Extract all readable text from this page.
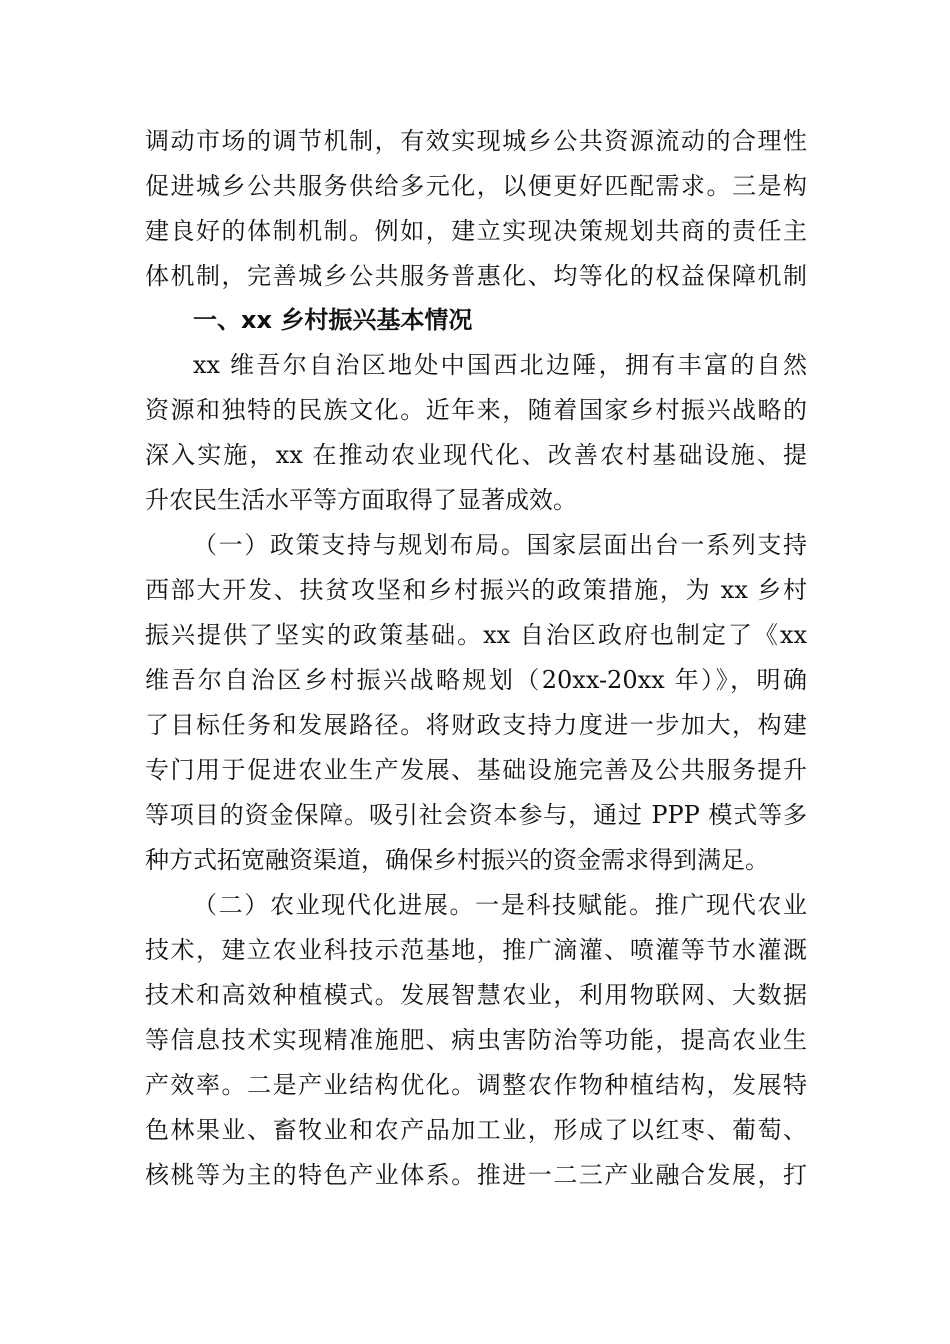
调动市场的调节机制，有效实现城乡公共资源流动的合理性
促进城乡公共服务供给多元化，以便更好匹配需求。三是构
建良好的体制机制。例如，建立实现决策规划共商的责任主
体机制，完善城乡公共服务普惠化、均等化的权益保障机制
一、xx 乡村振兴基本情况
xx 维吾尔自治区地处中国西北边陲，拥有丰富的自然
资源和独特的民族文化。近年来，随着国家乡村振兴战略的
深入实施，xx 在推动农业现代化、改善农村基础设施、提
升农民生活水平等方面取得了显著成效。
（一）政策支持与规划布局。国家层面出台一系列支持
西部大开发、扶贫攻坚和乡村振兴的政策措施，为 xx 乡村
振兴提供了坚实的政策基础。xx 自治区政府也制定了《xx
维吾尔自治区乡村振兴战略规划（20xx-20xx 年）》，明确
了目标任务和发展路径。将财政支持力度进一步加大，构建
专门用于促进农业生产发展、基础设施完善及公共服务提升
等项目的资金保障。吸引社会资本参与，通过 PPP 模式等多
种方式拓宽融资渠道，确保乡村振兴的资金需求得到满足。
（二）农业现代化进展。一是科技赋能。推广现代农业
技术，建立农业科技示范基地，推广滴灌、喷灌等节水灌溉
技术和高效种植模式。发展智慧农业，利用物联网、大数据
等信息技术实现精准施肥、病虫害防治等功能，提高农业生
产效率。二是产业结构优化。调整农作物种植结构，发展特
色林果业、畜牧业和农产品加工业，形成了以红枣、葡萄、
核桃等为主的特色产业体系。推进一二三产业融合发展，打
